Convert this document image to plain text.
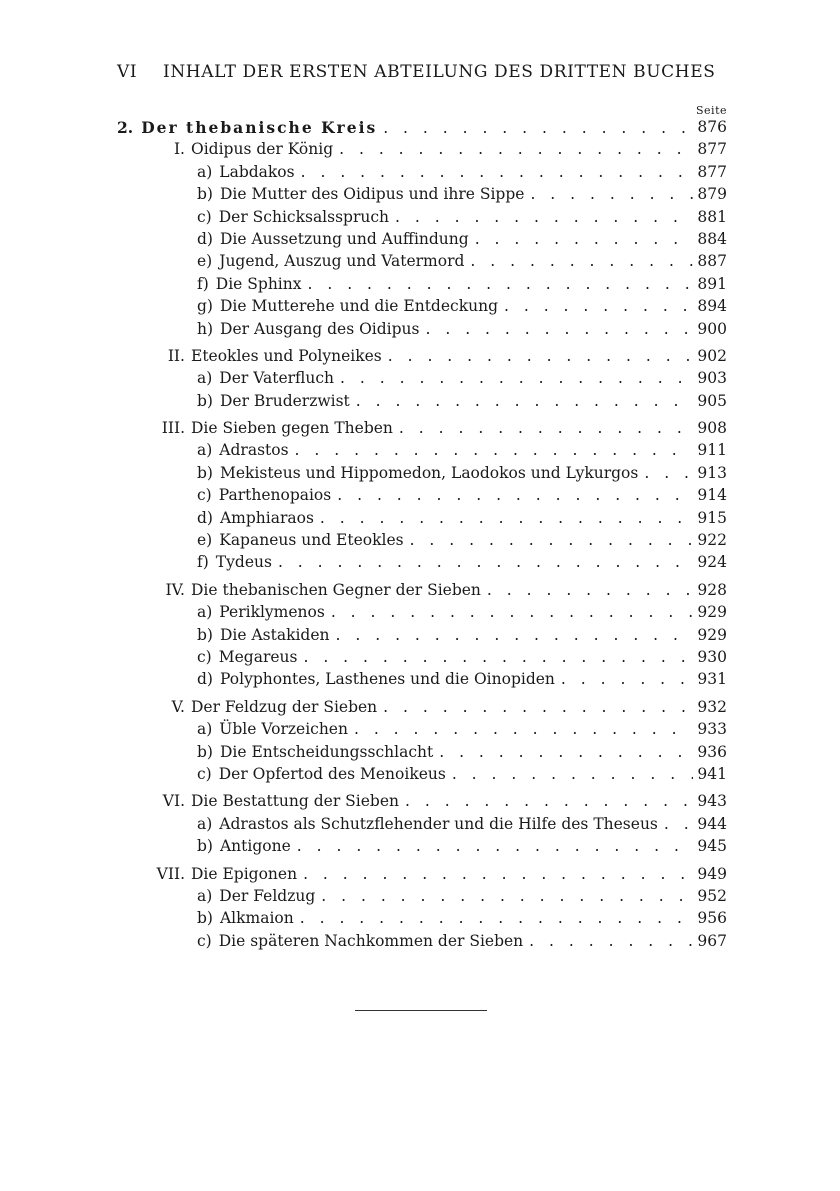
VI INHALT DER ERSTEN ABTEILUNG DES DRITTEN BUCHES
Seite
2. Der thebanische Kreis . . .	876
I. Oidipus der König . . .	877
a) Labdakos . . .	877
b) Die Mutter des Oidipus und ihre Sippe . . .	879
c) Der Schicksalsspruch . . .	881
d) Die Aussetzung und Auffindung . . .	884
e) Jugend, Auszug und Vatermord . . .	887
f) Die Sphinx . . .	891
g) Die Mutterehe und die Entdeckung . . .	894
h) Der Ausgang des Oidipus . . .	900
II. Eteokles und Polyneikes . . .	902
a) Der Vaterfluch . . .	903
b) Der Bruderzwist . . .	905
III. Die Sieben gegen Theben . . .	908
a) Adrastos . . .	911
b) Mekisteus und Hippomedon, Laodokos und Lykurgos . . .	913
c) Parthenopaios . . .	914
d) Amphiaraos . . .	915
e) Kapaneus und Eteokles . . .	922
f) Tydeus . . .	924
IV. Die thebanischen Gegner der Sieben . . .	928
a) Periklymenos . . .	929
b) Die Astakiden . . .	929
c) Megareus . . .	930
d) Polyphontes, Lasthenes und die Oinopiden . . .	931
V. Der Feldzug der Sieben . . .	932
a) Üble Vorzeichen . . .	933
b) Die Entscheidungsschlacht . . .	936
c) Der Opfertod des Menoikeus . . .	941
VI. Die Bestattung der Sieben . . .	943
a) Adrastos als Schutzflehender und die Hilfe des Theseus . . .	944
b) Antigone . . .	945
VII. Die Epigonen . . .	949
a) Der Feldzug . . .	952
b) Alkmaion . . .	956
c) Die späteren Nachkommen der Sieben . . .	967
